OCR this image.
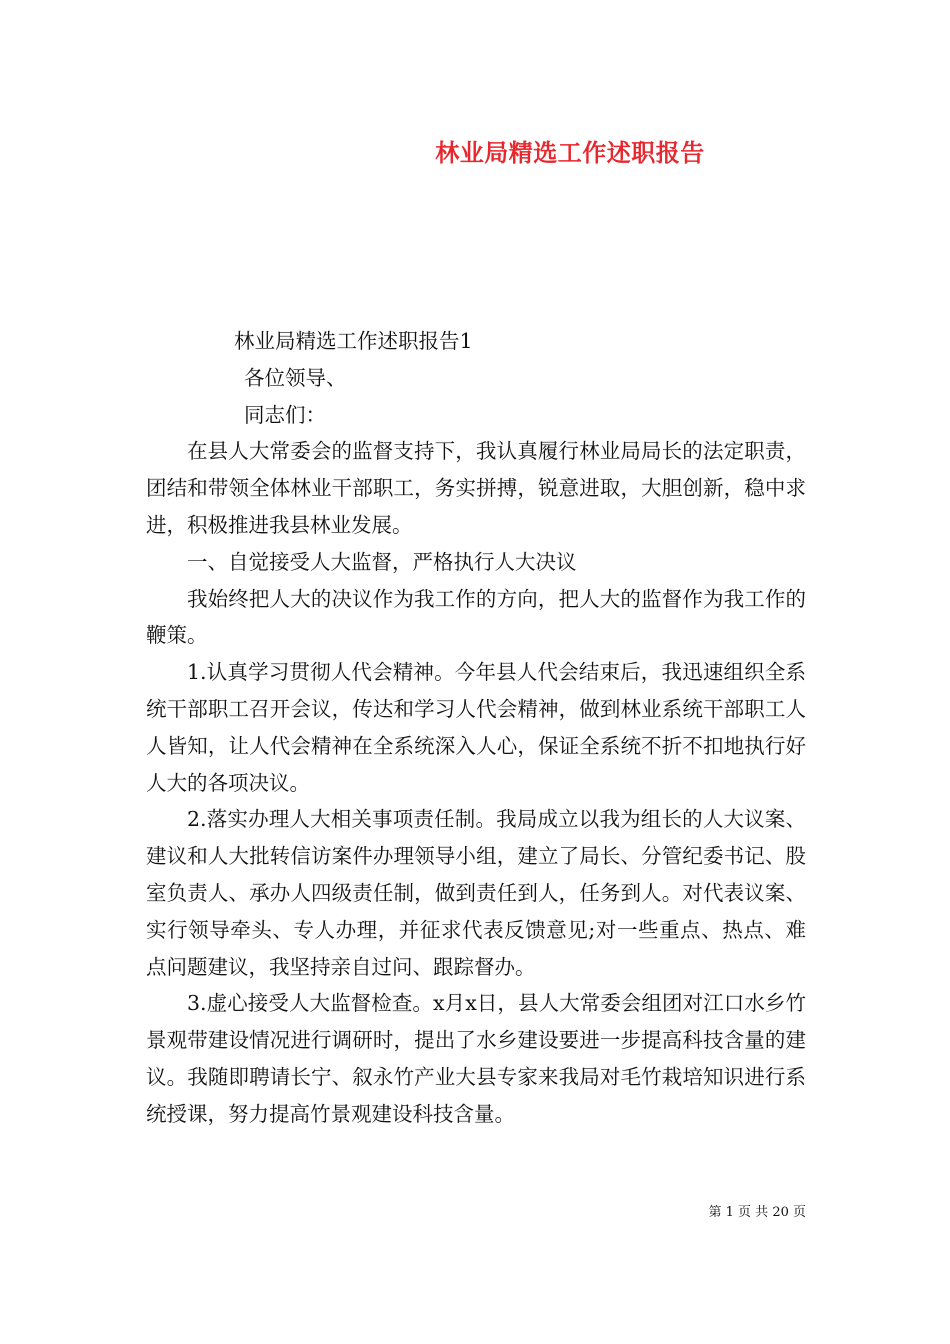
林业局精选工作述职报告

林业局精选工作述职报告1

各位领导、

同志们：

在县人大常委会的监督支持下，我认真履行林业局局长的法定职责，团结和带领全体林业干部职工，务实拼搏，锐意进取，大胆创新，稳中求进，积极推进我县林业发展。

一、自觉接受人大监督，严格执行人大决议

我始终把人大的决议作为我工作的方向，把人大的监督作为我工作的鞭策。

1.认真学习贯彻人代会精神。今年县人代会结束后，我迅速组织全系统干部职工召开会议，传达和学习人代会精神，做到林业系统干部职工人人皆知，让人代会精神在全系统深入人心，保证全系统不折不扣地执行好人大的各项决议。

2.落实办理人大相关事项责任制。我局成立以我为组长的人大议案、建议和人大批转信访案件办理领导小组，建立了局长、分管纪委书记、股室负责人、承办人四级责任制，做到责任到人，任务到人。对代表议案、实行领导牵头、专人办理，并征求代表反馈意见;对一些重点、热点、难点问题建议，我坚持亲自过问、跟踪督办。

3.虚心接受人大监督检查。x月x日，县人大常委会组团对江口水乡竹景观带建设情况进行调研时，提出了水乡建设要进一步提高科技含量的建议。我随即聘请长宁、叙永竹产业大县专家来我局对毛竹栽培知识进行系统授课，努力提高竹景观建设科技含量。

第 1 页 共 20 页
